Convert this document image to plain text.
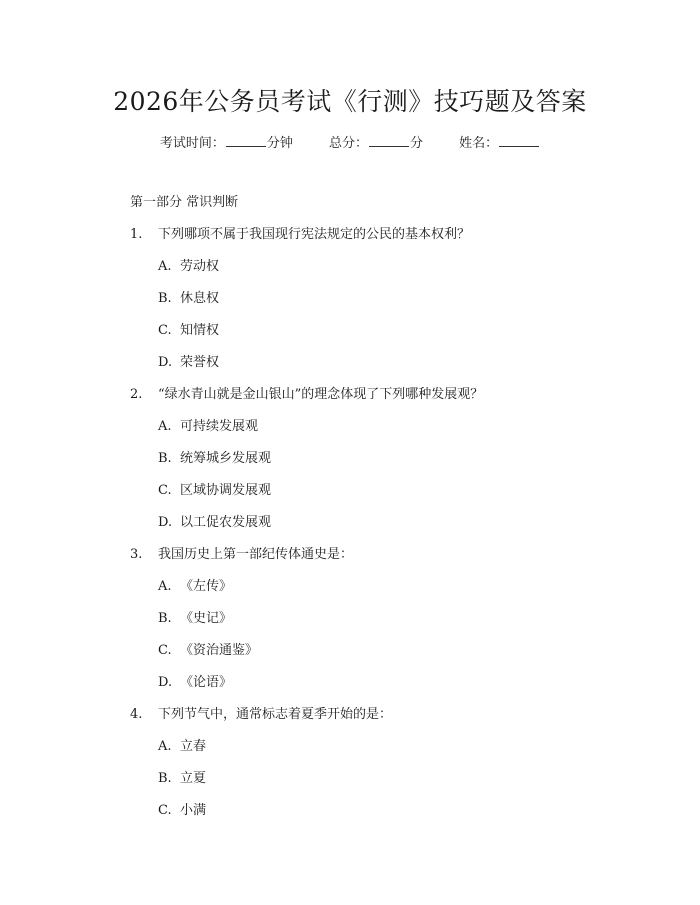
2026年公务员考试《行测》技巧题及答案
考试时间：	分钟	总分：	分	姓名：
第一部分 常识判断
1. 下列哪项不属于我国现行宪法规定的公民的基本权利？
A. 劳动权
B. 休息权
C. 知情权
D. 荣誉权
2. “绿水青山就是金山银山”的理念体现了下列哪种发展观？
A. 可持续发展观
B. 统筹城乡发展观
C. 区域协调发展观
D. 以工促农发展观
3. 我国历史上第一部纪传体通史是：
A. 《左传》
B. 《史记》
C. 《资治通鉴》
D. 《论语》
4. 下列节气中，通常标志着夏季开始的是：
A. 立春
B. 立夏
C. 小满
